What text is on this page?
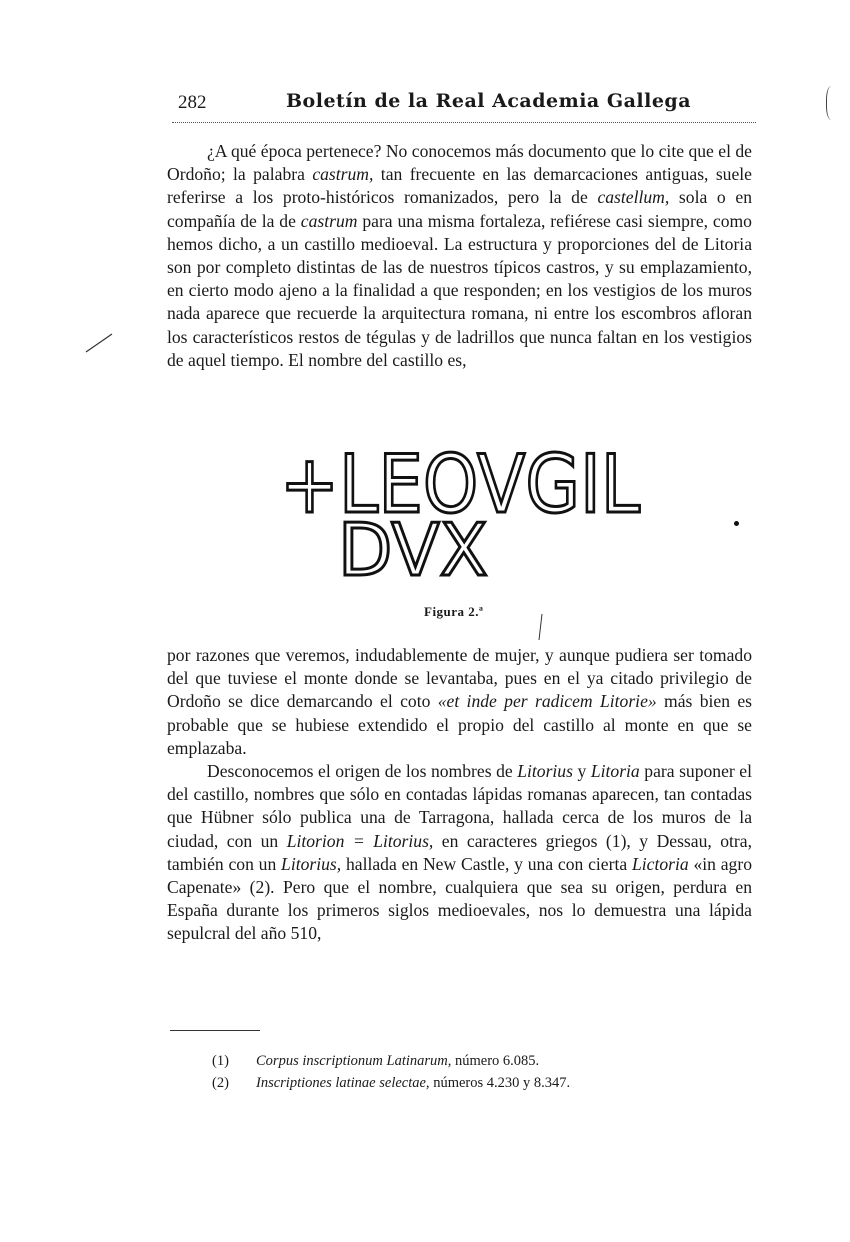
282	Boletín de la Real Academia Gallega

¿A qué época pertenece? No conocemos más documento que lo cite que el de Ordoño; la palabra castrum, tan frecuente en las demarcaciones antiguas, suele referirse a los proto-históricos romanizados, pero la de castellum, sola o en compañía de la de castrum para una misma fortaleza, refiérese casi siempre, como hemos dicho, a un castillo medioeval. La estructura y proporciones del de Litoria son por completo distintas de las de nuestros típicos castros, y su emplazamiento, en cierto modo ajeno a la finalidad a que responden; en los vestigios de los muros nada aparece que recuerde la arquitectura romana, ni entre los escombros afloran los característicos restos de tégulas y de ladrillos que nunca faltan en los vestigios de aquel tiempo. El nombre del castillo es,

+LEOVGIL
DVX
Figura 2.ª

por razones que veremos, indudablemente de mujer, y aunque pudiera ser tomado del que tuviese el monte donde se levantaba, pues en el ya citado privilegio de Ordoño se dice demarcando el coto «et inde per radicem Litorie» más bien es probable que se hubiese extendido el propio del castillo al monte en que se emplazaba.

Desconocemos el origen de los nombres de Litorius y Litoria para suponer el del castillo, nombres que sólo en contadas lápidas romanas aparecen, tan contadas que Hübner sólo publica una de Tarragona, hallada cerca de los muros de la ciudad, con un Litorion = Litorius, en caracteres griegos (1), y Dessau, otra, también con un Litorius, hallada en New Castle, y una con cierta Lictoria «in agro Capenate» (2). Pero que el nombre, cualquiera que sea su origen, perdura en España durante los primeros siglos medioevales, nos lo demuestra una lápida sepulcral del año 510,

(1) Corpus inscriptionum Latinarum, número 6.085.
(2) Inscriptiones latinae selectae, números 4.230 y 8.347.
